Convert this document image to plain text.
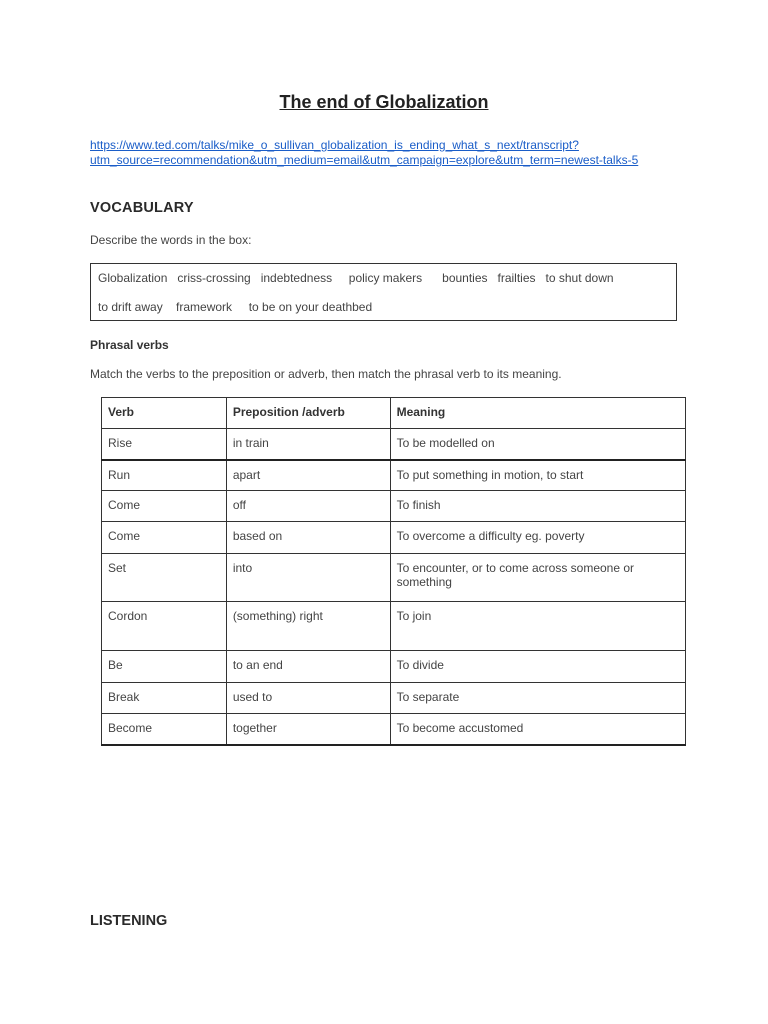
The end of Globalization
https://www.ted.com/talks/mike_o_sullivan_globalization_is_ending_what_s_next/transcript?
utm_source=recommendation&utm_medium=email&utm_campaign=explore&utm_term=newest-talks-5
VOCABULARY
Describe the words in the box:
Globalization   criss-crossing   indebtedness     policy makers      bounties   frailties   to shut down
to drift away    framework     to be on your deathbed
Phrasal verbs
Match the verbs to the preposition or adverb, then match the phrasal verb to its meaning.
Verb	Preposition /adverb	Meaning
Rise	in train	To be modelled on
Run	apart	To put something in motion, to start
Come	off	To finish
Come	based on	To overcome a difficulty eg. poverty
Set	into	To encounter, or to come across someone or something
Cordon	(something) right	To join
Be	to an end	To divide
Break	used to	To separate
Become	together	To become accustomed
LISTENING
